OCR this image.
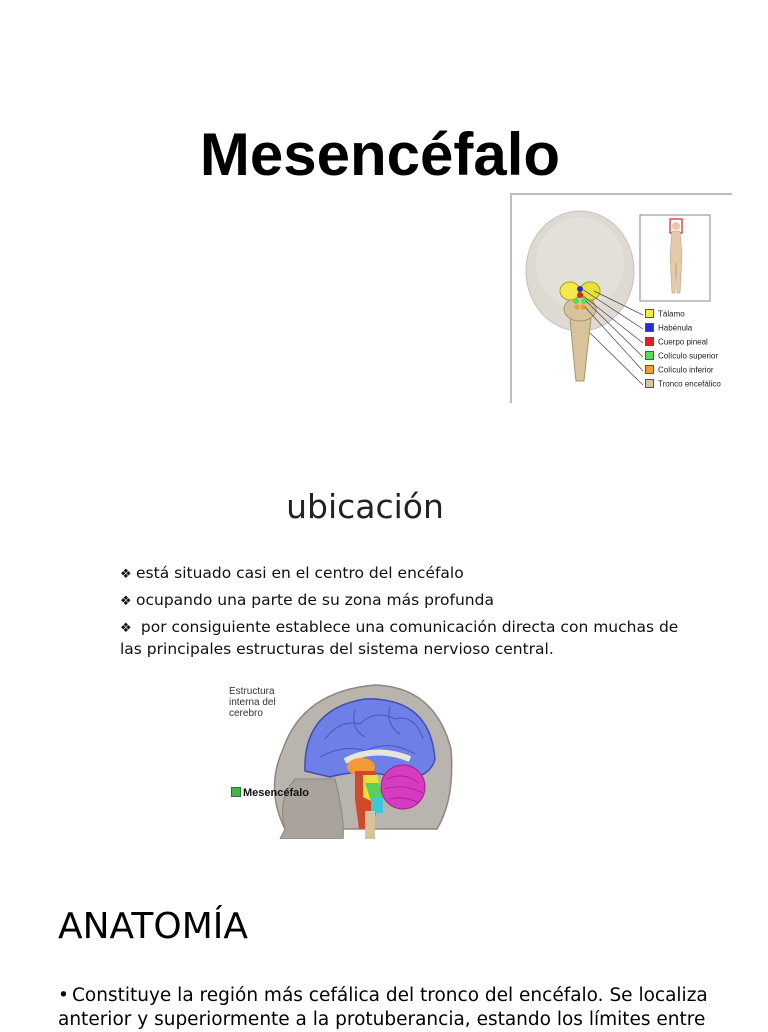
Mesencéfalo
Tálamo
Habénula
Cuerpo pineal
Colículo superior
Colículo inferior
Tronco encefálico
ubicación
❖ está situado casi en el centro del encéfalo
❖ ocupando una parte de su zona más profunda
❖ por consiguiente establece una comunicación directa con muchas de las principales estructuras del sistema nervioso central.
Estructura interna del cerebro
Mesencéfalo
ANATOMÍA
• Constituye la región más cefálica del tronco del encéfalo. Se localiza anterior y superiormente a la protuberancia, estando los límites entre
